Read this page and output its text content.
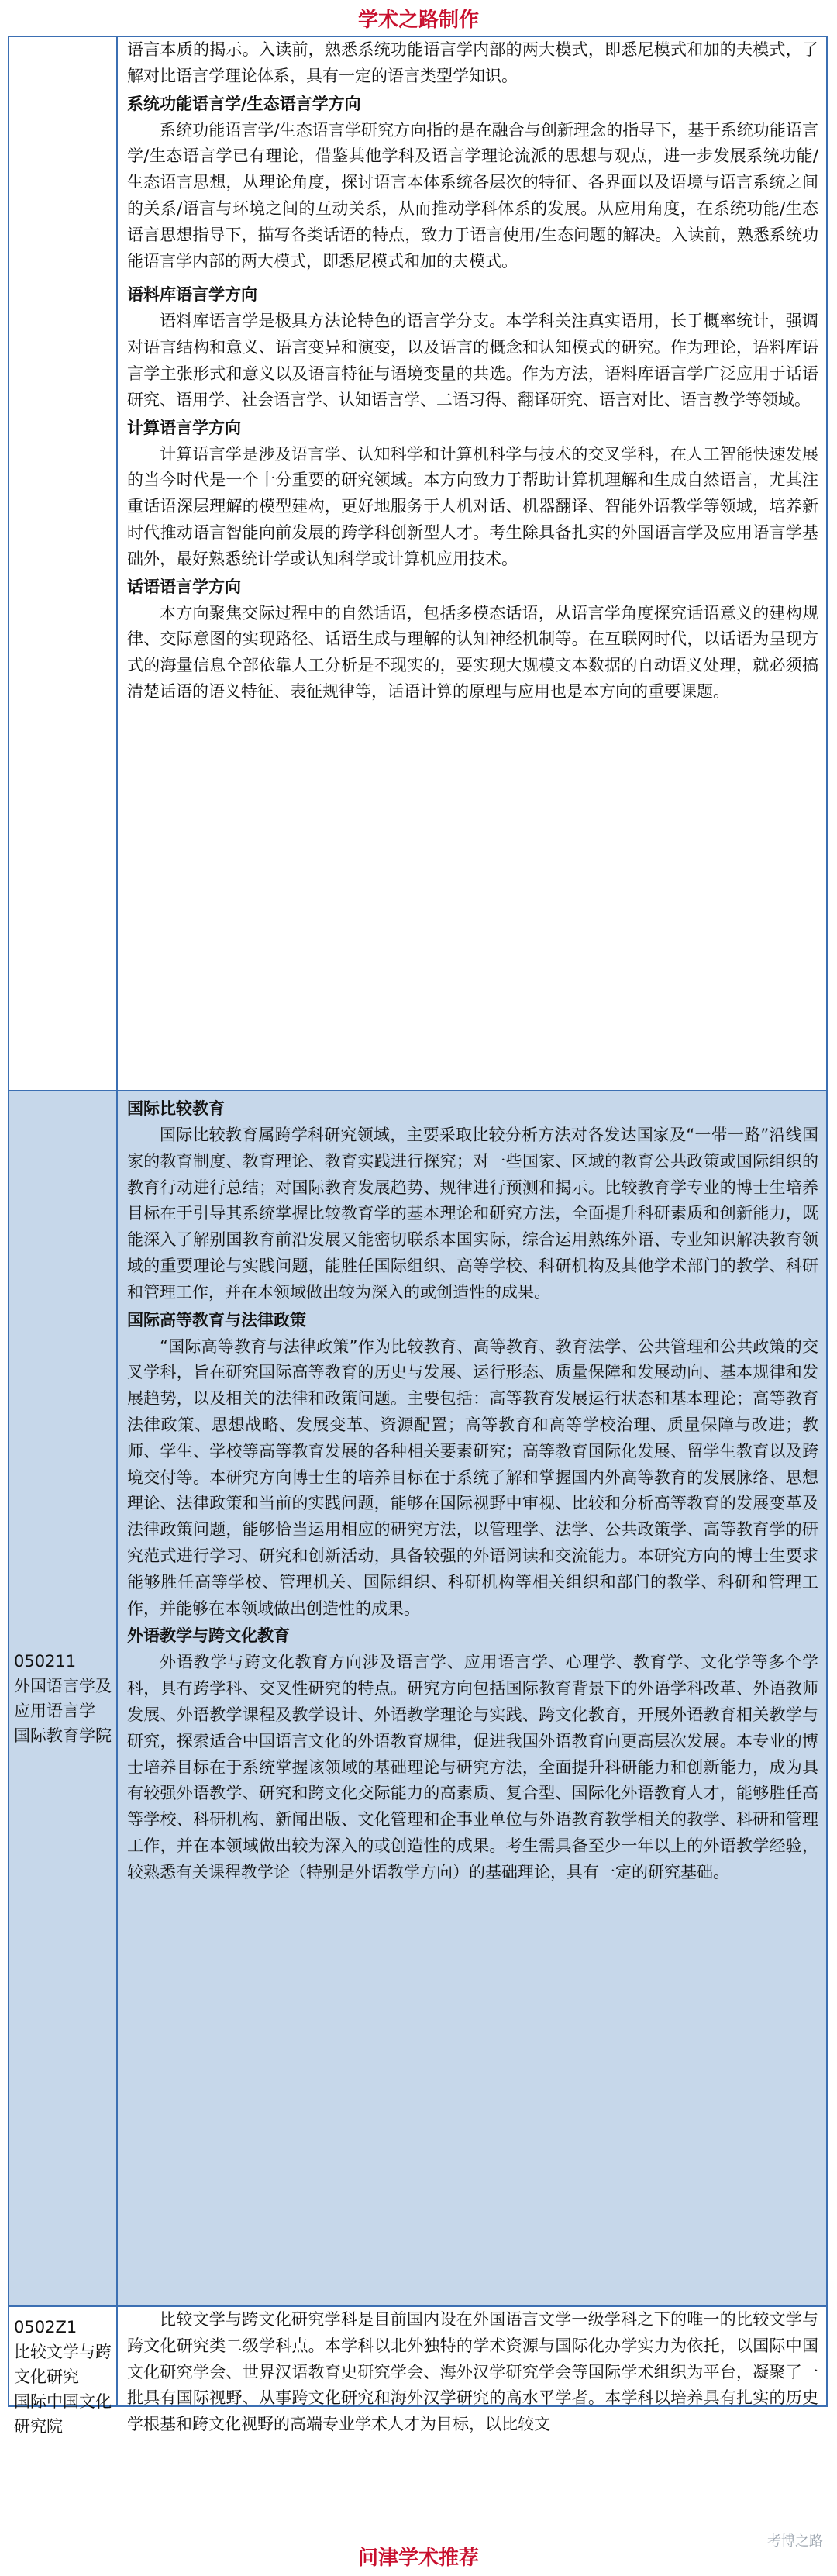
学术之路制作

语言本质的揭示。入读前，熟悉系统功能语言学内部的两大模式，即悉尼模式和加的夫模式，了解对比语言学理论体系，具有一定的语言类型学知识。

系统功能语言学/生态语言学方向

系统功能语言学/生态语言学研究方向指的是在融合与创新理念的指导下，基于系统功能语言学/生态语言学已有理论，借鉴其他学科及语言学理论流派的思想与观点，进一步发展系统功能/生态语言思想，从理论角度，探讨语言本体系统各层次的特征、各界面以及语境与语言系统之间的关系/语言与环境之间的互动关系，从而推动学科体系的发展。从应用角度，在系统功能/生态语言思想指导下，描写各类话语的特点，致力于语言使用/生态问题的解决。入读前，熟悉系统功能语言学内部的两大模式，即悉尼模式和加的夫模式。

语料库语言学方向

语料库语言学是极具方法论特色的语言学分支。本学科关注真实语用，长于概率统计，强调对语言结构和意义、语言变异和演变，以及语言的概念和认知模式的研究。作为理论，语料库语言学主张形式和意义以及语言特征与语境变量的共选。作为方法，语料库语言学广泛应用于话语研究、语用学、社会语言学、认知语言学、二语习得、翻译研究、语言对比、语言教学等领域。

计算语言学方向

计算语言学是涉及语言学、认知科学和计算机科学与技术的交叉学科，在人工智能快速发展的当今时代是一个十分重要的研究领域。本方向致力于帮助计算机理解和生成自然语言，尤其注重话语深层理解的模型建构，更好地服务于人机对话、机器翻译、智能外语教学等领域，培养新时代推动语言智能向前发展的跨学科创新型人才。考生除具备扎实的外国语言学及应用语言学基础外，最好熟悉统计学或认知科学或计算机应用技术。

话语语言学方向

本方向聚焦交际过程中的自然话语，包括多模态话语，从语言学角度探究话语意义的建构规律、交际意图的实现路径、话语生成与理解的认知神经机制等。在互联网时代，以话语为呈现方式的海量信息全部依靠人工分析是不现实的，要实现大规模文本数据的自动语义处理，就必须搞清楚话语的语义特征、表征规律等，话语计算的原理与应用也是本方向的重要课题。

050211
外国语言学及应用语言学
国际教育学院
国际比较教育

国际比较教育属跨学科研究领域，主要采取比较分析方法对各发达国家及“一带一路”沿线国家的教育制度、教育理论、教育实践进行探究；对一些国家、区域的教育公共政策或国际组织的教育行动进行总结；对国际教育发展趋势、规律进行预测和揭示。比较教育学专业的博士生培养目标在于引导其系统掌握比较教育学的基本理论和研究方法，全面提升科研素质和创新能力，既能深入了解别国教育前沿发展又能密切联系本国实际，综合运用熟练外语、专业知识解决教育领域的重要理论与实践问题，能胜任国际组织、高等学校、科研机构及其他学术部门的教学、科研和管理工作，并在本领域做出较为深入的或创造性的成果。

国际高等教育与法律政策

“国际高等教育与法律政策”作为比较教育、高等教育、教育法学、公共管理和公共政策的交叉学科，旨在研究国际高等教育的历史与发展、运行形态、质量保障和发展动向、基本规律和发展趋势，以及相关的法律和政策问题。主要包括：高等教育发展运行状态和基本理论；高等教育法律政策、思想战略、发展变革、资源配置；高等教育和高等学校治理、质量保障与改进；教师、学生、学校等高等教育发展的各种相关要素研究；高等教育国际化发展、留学生教育以及跨境交付等。本研究方向博士生的培养目标在于系统了解和掌握国内外高等教育的发展脉络、思想理论、法律政策和当前的实践问题，能够在国际视野中审视、比较和分析高等教育的发展变革及法律政策问题，能够恰当运用相应的研究方法，以管理学、法学、公共政策学、高等教育学的研究范式进行学习、研究和创新活动，具备较强的外语阅读和交流能力。本研究方向的博士生要求能够胜任高等学校、管理机关、国际组织、科研机构等相关组织和部门的教学、科研和管理工作，并能够在本领域做出创造性的成果。

外语教学与跨文化教育

外语教学与跨文化教育方向涉及语言学、应用语言学、心理学、教育学、文化学等多个学科，具有跨学科、交叉性研究的特点。研究方向包括国际教育背景下的外语学科改革、外语教师发展、外语教学课程及教学设计、外语教学理论与实践、跨文化教育，开展外语教育相关教学与研究，探索适合中国语言文化的外语教育规律，促进我国外语教育向更高层次发展。本专业的博士培养目标在于系统掌握该领域的基础理论与研究方法，全面提升科研能力和创新能力，成为具有较强外语教学、研究和跨文化交际能力的高素质、复合型、国际化外语教育人才，能够胜任高等学校、科研机构、新闻出版、文化管理和企事业单位与外语教育教学相关的教学、科研和管理工作，并在本领域做出较为深入的或创造性的成果。考生需具备至少一年以上的外语教学经验，较熟悉有关课程教学论（特别是外语教学方向）的基础理论，具有一定的研究基础。

0502Z1
比较文学与跨文化研究
国际中国文化研究院

比较文学与跨文化研究学科是目前国内设在外国语言文学一级学科之下的唯一的比较文学与跨文化研究类二级学科点。本学科以北外独特的学术资源与国际化办学实力为依托，以国际中国文化研究学会、世界汉语教育史研究学会、海外汉学研究学会等国际学术组织为平台，凝聚了一批具有国际视野、从事跨文化研究和海外汉学研究的高水平学者。本学科以培养具有扎实的历史学根基和跨文化视野的高端专业学术人才为目标，以比较文

考博之路
问津学术推荐
